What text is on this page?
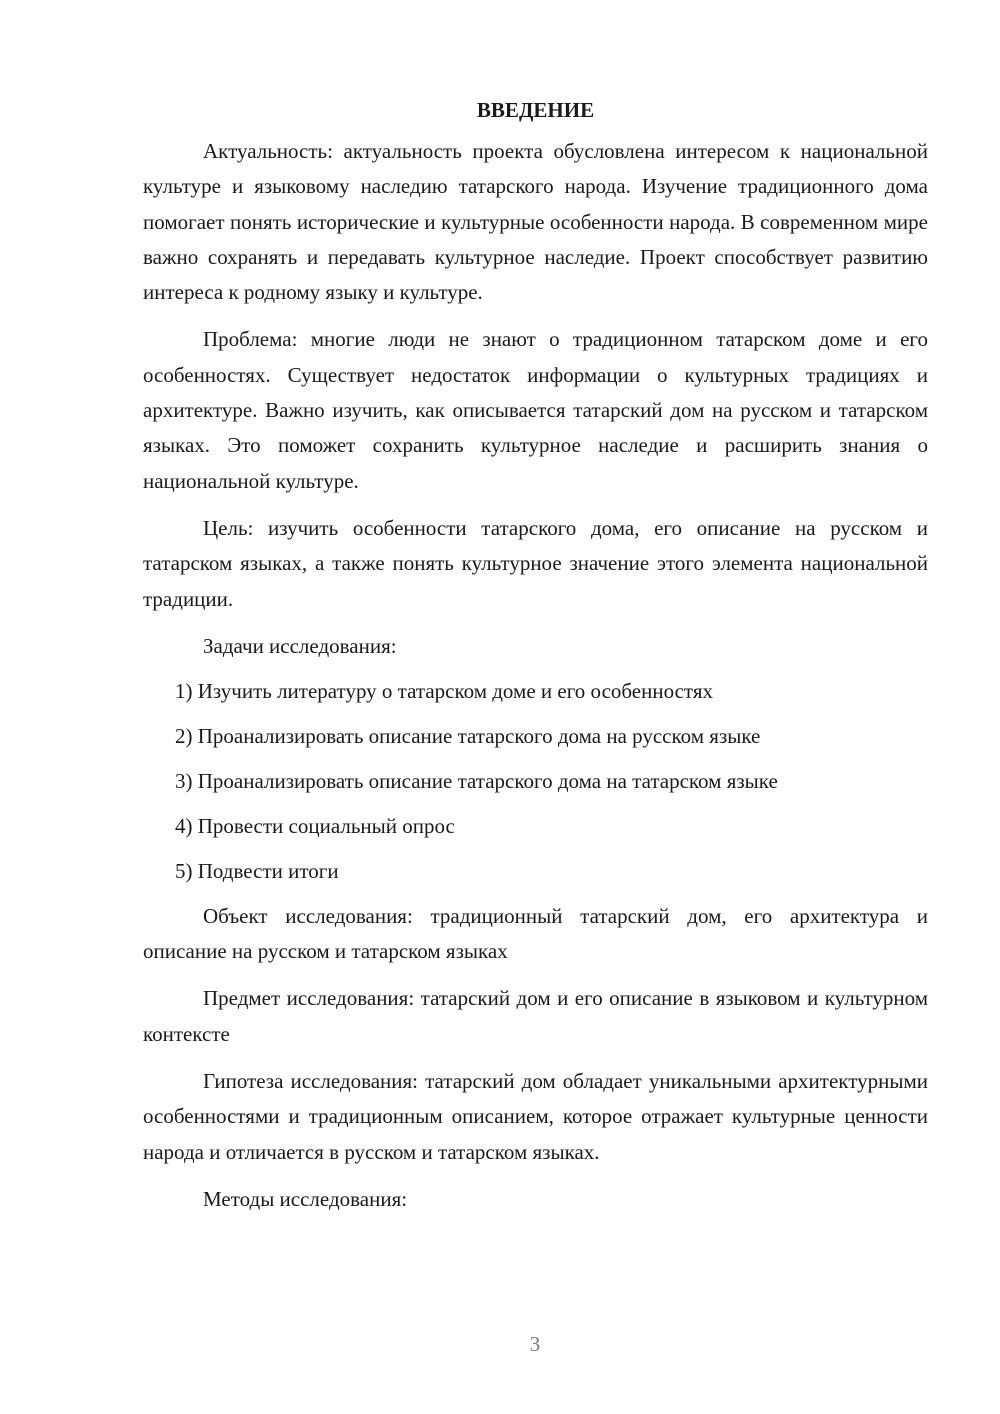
ВВЕДЕНИЕ

Актуальность: актуальность проекта обусловлена интересом к национальной культуре и языковому наследию татарского народа. Изучение традиционного дома помогает понять исторические и культурные особенности народа. В современном мире важно сохранять и передавать культурное наследие. Проект способствует развитию интереса к родному языку и культуре.

Проблема: многие люди не знают о традиционном татарском доме и его особенностях. Существует недостаток информации о культурных традициях и архитектуре. Важно изучить, как описывается татарский дом на русском и татарском языках. Это поможет сохранить культурное наследие и расширить знания о национальной культуре.

Цель: изучить особенности татарского дома, его описание на русском и татарском языках, а также понять культурное значение этого элемента национальной традиции.

Задачи исследования:

1) Изучить литературу о татарском доме и его особенностях
2) Проанализировать описание татарского дома на русском языке
3) Проанализировать описание татарского дома на татарском языке
4) Провести социальный опрос
5) Подвести итоги

Объект исследования: традиционный татарский дом, его архитектура и описание на русском и татарском языках

Предмет исследования: татарский дом и его описание в языковом и культурном контексте

Гипотеза исследования: татарский дом обладает уникальными архитектурными особенностями и традиционным описанием, которое отражает культурные ценности народа и отличается в русском и татарском языках.

Методы исследования:

3
